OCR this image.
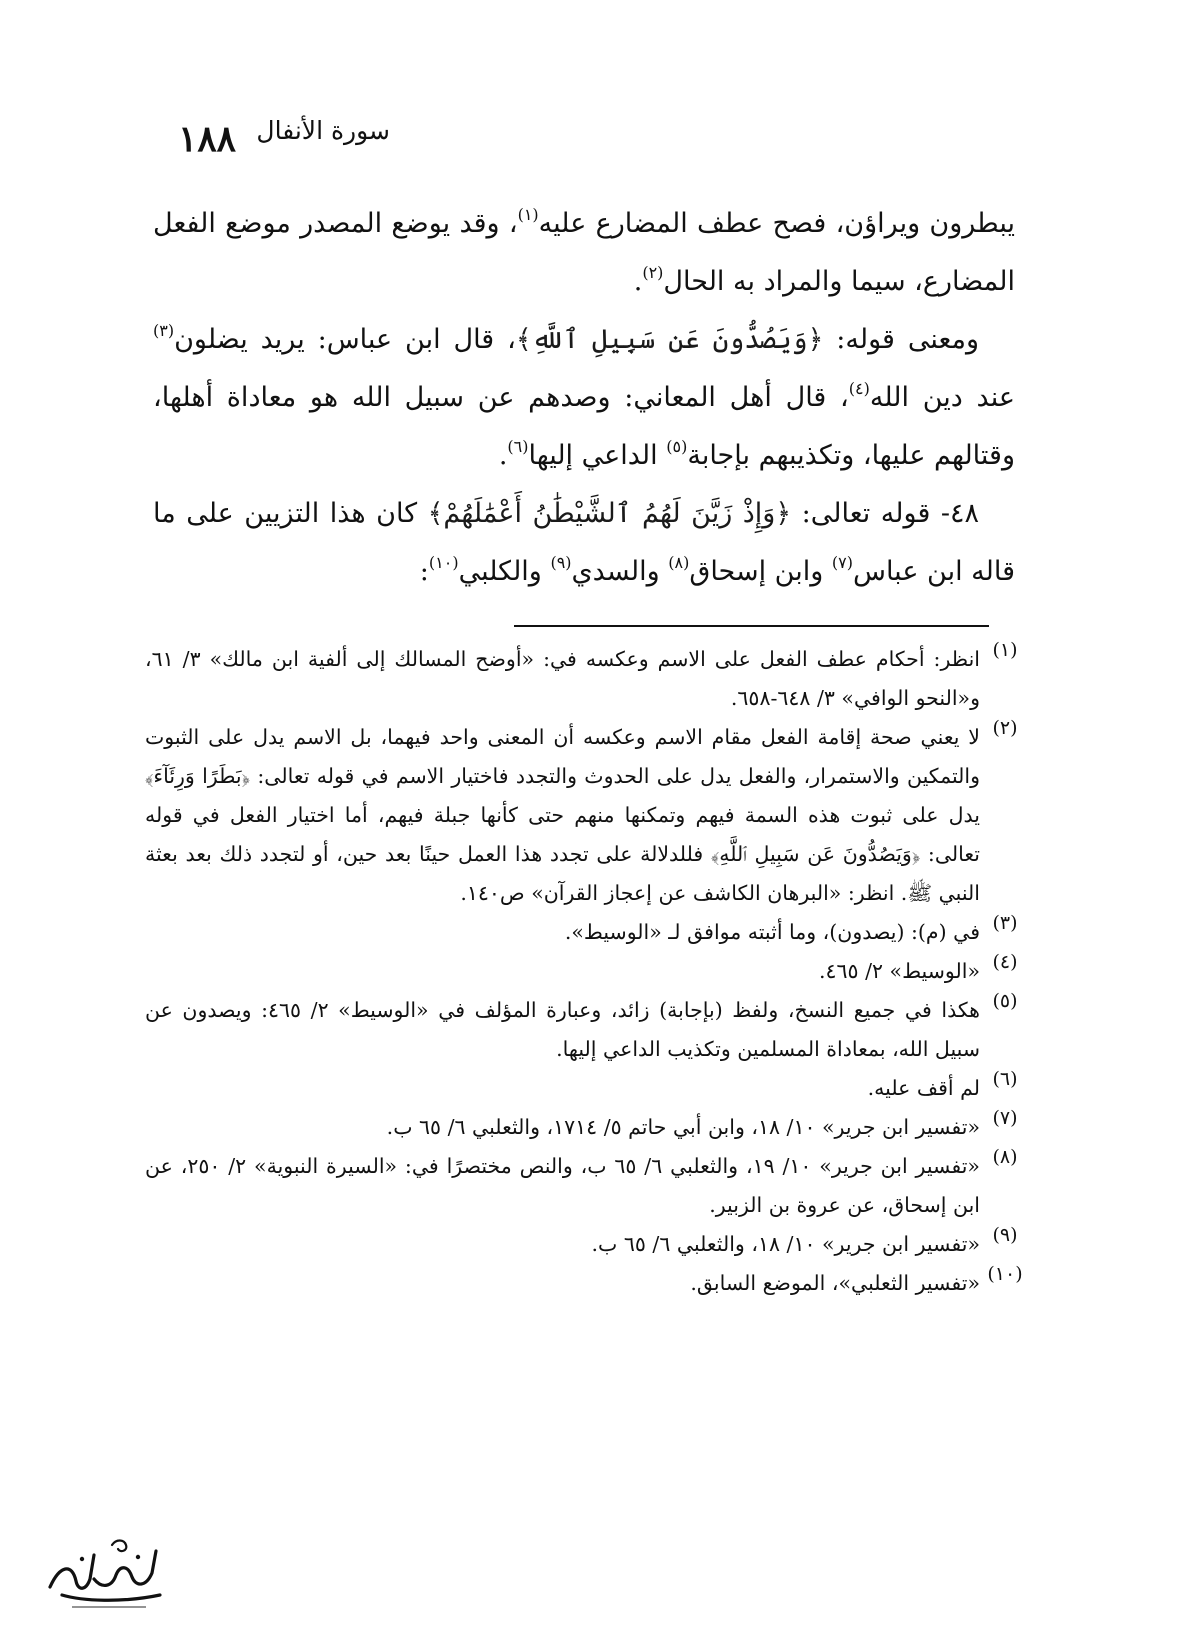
١٨٨ سورة الأنفال

يبطرون ويراؤن، فصح عطف المضارع عليه$^{(١)}$، وقد يوضع المصدر موضع الفعل المضارع، سيما والمراد به الحال$^{(٢)}$.

ومعنى قوله: ﴿وَيَصُدُّونَ عَن سَبِيلِ ٱللَّهِ﴾، قال ابن عباس: يريد يضلون$^{(٣)}$ عند دين الله$^{(٤)}$، قال أهل المعاني: وصدهم عن سبيل الله هو معاداة أهلها، وقتالهم عليها، وتكذيبهم بإجابة$^{(٥)}$ الداعي إليها$^{(٦)}$.

٤٨- قوله تعالى: ﴿وَإِذْ زَيَّنَ لَهُمُ ٱلشَّيْطَٰنُ أَعْمَٰلَهُمْ﴾ كان هذا التزيين على ما قاله ابن عباس$^{(٧)}$ وابن إسحاق$^{(٨)}$ والسدي$^{(٩)}$ والكلبي$^{(١٠)}$:

(١)
انظر: أحكام عطف الفعل على الاسم وعكسه في: «أوضح المسالك إلى ألفية ابن مالك» ٣/ ٦١، و«النحو الوافي» ٣/ ٦٤٨-٦٥٨.
(٢)
لا يعني صحة إقامة الفعل مقام الاسم وعكسه أن المعنى واحد فيهما، بل الاسم يدل على الثبوت والتمكين والاستمرار، والفعل يدل على الحدوث والتجدد فاختيار الاسم في قوله تعالى: ﴿بَطَرًا وَرِئَآءَ﴾ يدل على ثبوت هذه السمة فيهم وتمكنها منهم حتى كأنها جبلة فيهم، أما اختيار الفعل في قوله تعالى: ﴿وَيَصُدُّونَ عَن سَبِيلِ ٱللَّهِ﴾ فللدلالة على تجدد هذا العمل حينًا بعد حين، أو لتجدد ذلك بعد بعثة النبي ﷺ. انظر: «البرهان الكاشف عن إعجاز القرآن» ص١٤٠.
(٣)
في (م): (يصدون)، وما أثبته موافق لـ «الوسيط».
(٤)
«الوسيط» ٢/ ٤٦٥.
(٥)
هكذا في جميع النسخ، ولفظ (بإجابة) زائد، وعبارة المؤلف في «الوسيط» ٢/ ٤٦٥: ويصدون عن سبيل الله، بمعاداة المسلمين وتكذيب الداعي إليها.
(٦)
لم أقف عليه.
(٧)
«تفسير ابن جرير» ١٠/ ١٨، وابن أبي حاتم ٥/ ١٧١٤، والثعلبي ٦/ ٦٥ ب.
(٨)
«تفسير ابن جرير» ١٠/ ١٩، والثعلبي ٦/ ٦٥ ب، والنص مختصرًا في: «السيرة النبوية» ٢/ ٢٥٠، عن ابن إسحاق، عن عروة بن الزبير.
(٩)
«تفسير ابن جرير» ١٠/ ١٨، والثعلبي ٦/ ٦٥ ب.
(١٠)
«تفسير الثعلبي»، الموضع السابق.
